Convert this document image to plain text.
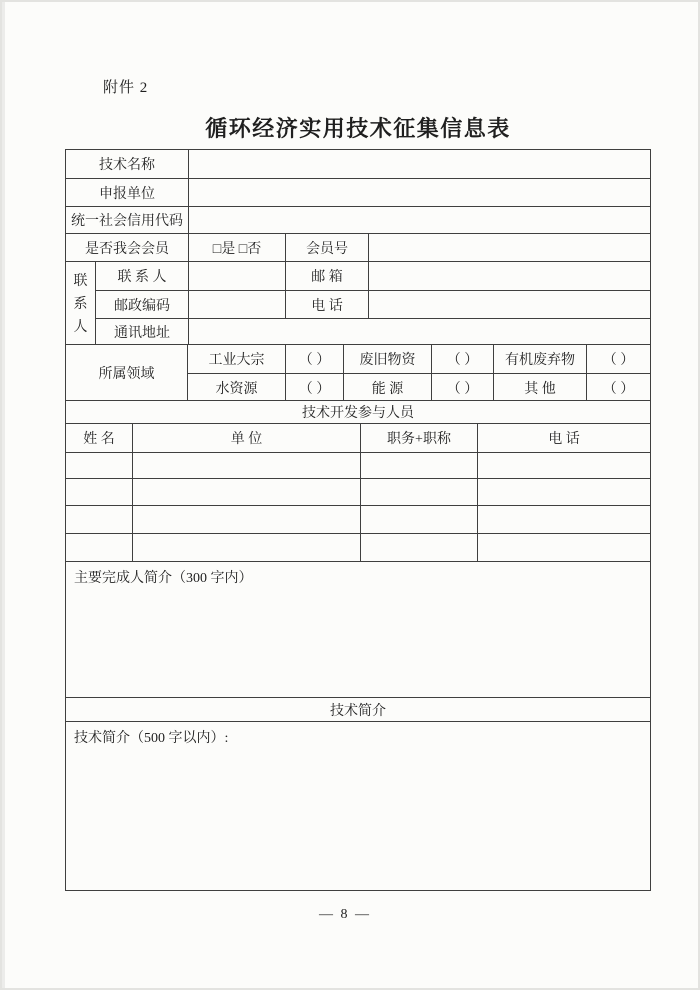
附件 2
循环经济实用技术征集信息表
技术名称
申报单位
统一社会信用代码
是否我会会员	□是 □否	会员号
联
系
人
联 系 人	邮 箱
邮政编码	电 话
通讯地址
所属领域
工业大宗	（ ）	废旧物资	（ ）	有机废弃物	（ ）
水资源	（ ）	能 源	（ ）	其 他	（ ）
技术开发参与人员
姓 名	单 位	职务+职称	电 话
主要完成人简介（300 字内）
技术简介
技术简介（500 字以内）:
— 8 —
